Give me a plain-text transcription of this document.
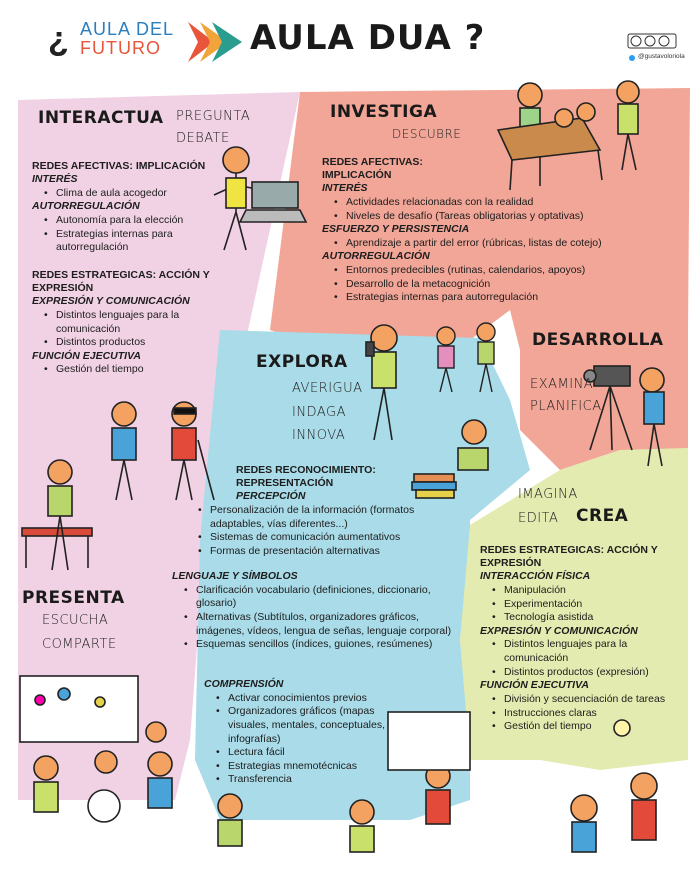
¿ AULA DEL
FUTURO	AULA DUA ?	@gustavoloriola
INTERACTUA PREGUNTA
DEBATE
REDES AFECTIVAS: IMPLICACIÓN
INTERÉS
• Clima de aula acogedor
AUTORREGULACIÓN
• Autonomía para la elección
• Estrategias internas para autorregulación
REDES ESTRATEGICAS: ACCIÓN Y EXPRESIÓN
EXPRESIÓN Y COMUNICACIÓN
• Distintos lenguajes para la comunicación
• Distintos productos
FUNCIÓN EJECUTIVA
• Gestión del tiempo
INVESTIGA
DESCUBRE
REDES AFECTIVAS: IMPLICACIÓN
INTERÉS
• Actividades relacionadas con la realidad
• Niveles de desafío (Tareas obligatorias y optativas)
ESFUERZO Y PERSISTENCIA
• Aprendizaje a partir del error (rúbricas, listas de cotejo)
AUTORREGULACIÓN
• Entornos predecibles (rutinas, calendarios, apoyos)
• Desarrollo de la metacognición
• Estrategias internas para autorregulación
DESARROLLA
EXAMINA
PLANIFICA
EXPLORA
AVERIGUA
INDAGA
INNOVA
REDES RECONOCIMIENTO: REPRESENTACIÓN
PERCEPCIÓN
• Personalización de la información (formatos adaptables, vías diferentes...)
• Sistemas de comunicación aumentativos
• Formas de presentación alternativas
LENGUAJE Y SÍMBOLOS
• Clarificación vocabulario (definiciones, diccionario, glosario)
• Alternativas (Subtítulos, organizadores gráficos, imágenes, vídeos, lengua de señas, lenguaje corporal)
• Esquemas sencillos (índices, guiones, resúmenes)
COMPRENSIÓN
• Activar conocimientos previos
• Organizadores gráficos (mapas visuales, mentales, conceptuales, infografías)
• Lectura fácil
• Estrategias mnemotécnicas
• Transferencia
IMAGINA
EDITA	CREA
REDES ESTRATEGICAS: ACCIÓN Y EXPRESIÓN
INTERACCIÓN FÍSICA
• Manipulación
• Experimentación
• Tecnología asistida
EXPRESIÓN Y COMUNICACIÓN
• Distintos lenguajes para la comunicación
• Distintos productos (expresión)
FUNCIÓN EJECUTIVA
• División y secuenciación de tareas
• Instrucciones claras
• Gestión del tiempo
PRESENTA
ESCUCHA
COMPARTE
